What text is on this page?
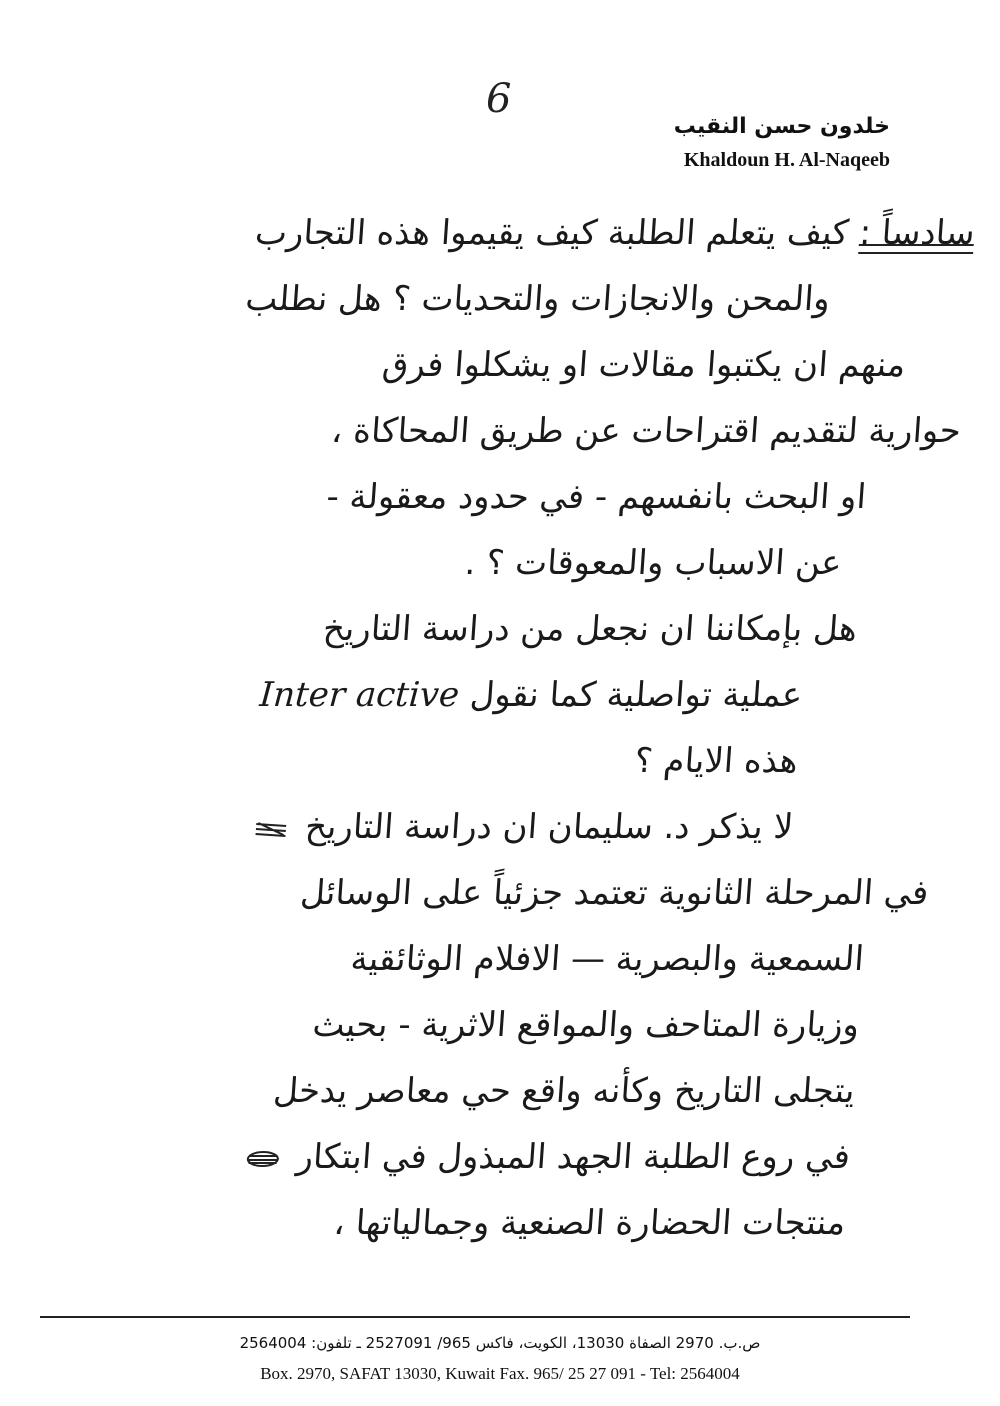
6
خلدون حسن النقيب
Khaldoun H. Al-Naqeeb
سادساً :
كيف يتعلم الطلبة كيف يقيموا هذه التجارب
والمحن والانجازات والتحديات ؟ هل نطلب
منهم ان يكتبوا مقالات او يشكلوا فرق
حوارية لتقديم اقتراحات عن طريق المحاكاة ،
او البحث بانفسهم - في حدود معقولة -
عن الاسباب والمعوقات ؟ .
هل بإمكاننا ان نجعل من دراسة التاريخ
عملية تواصلية كما نقول Inter active
هذه الايام ؟
لا يذكر د. سليمان ان دراسة التاريخ
في المرحلة الثانوية تعتمد جزئياً على الوسائل
السمعية والبصرية — الافلام الوثائقية
وزيارة المتاحف والمواقع الاثرية - بحيث
يتجلى التاريخ وكأنه واقع حي معاصر يدخل
في روع الطلبة الجهد المبذول في ابتكار
منتجات الحضارة الصنعية وجمالياتها ،
ص.ب. 2970 الصفاة 13030، الكويت، فاكس 965/ 2527091 ـ تلفون: 2564004
Box. 2970, SAFAT 13030, Kuwait Fax. 965/ 25 27 091 - Tel: 2564004
